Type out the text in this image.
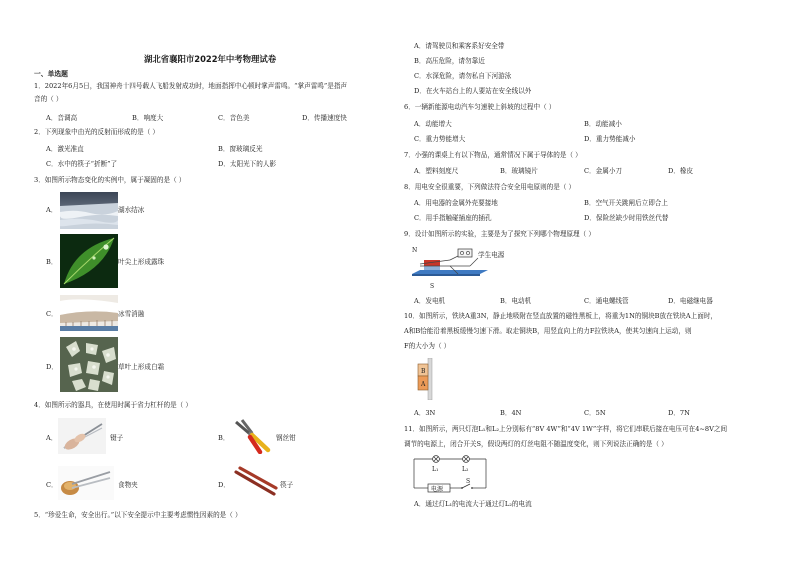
湖北省襄阳市2022年中考物理试卷
一、单选题
1．2022年6月5日，我国神舟十四号载人飞船发射成功时，地面指挥中心顿时掌声雷鸣。“掌声雷鸣”是指声
音的（ ）
A．音调高	B．响度大	C．音色美	D．传播速度快
2．下列现象中由光的反射而形成的是（ ）
A．激光准直	B．窗玻璃反光
C．水中的筷子“折断”了	D．太阳光下的人影
3．如图所示物态变化的实例中，属于凝固的是（ ）
A．	湖水结冰
B．	叶尖上形成露珠
C．	冰雪消融
D．	草叶上形成白霜
4．如图所示的器具，在使用时属于省力杠杆的是（ ）
A．	镊子	B．	钢丝钳
C．	食物夹	D．	筷子
5．“珍爱生命，安全出行。”以下安全提示中主要考虑惯性因素的是（ ）
A．请驾驶员和乘客系好安全带
B．高压危险，请勿靠近
C．水深危险，请勿私自下河游泳
D．在火车站台上的人要站在安全线以外
6．一辆新能源电动汽车匀速驶上斜坡的过程中（ ）
A．动能增大	B．动能减小
C．重力势能增大	D．重力势能减小
7．小强的课桌上有以下物品，通常情况下属于导体的是（ ）
A．塑料刻度尺	B．玻璃镜片	C．金属小刀	D．橡皮
8．用电安全很重要，下列做法符合安全用电原则的是（ ）
A．用电器的金属外壳要接地	B．空气开关跳闸后立即合上
C．用手指触碰插座的插孔	D．保险丝缺少时用铁丝代替
9．设计如图所示的实验，主要是为了探究下列哪个物理原理（ ）
N
S
学生电源
A．发电机	B．电动机	C．通电螺线管	D．电磁继电器
10．如图所示，铁块A重3N，静止地吸附在竖直放置的磁性黑板上，将重为1N的铜块B放在铁块A上面时，
A和B恰能沿着黑板缓慢匀速下滑。取走铜块B，用竖直向上的力F拉铁块A，使其匀速向上运动，则
F的大小为（ ）
B
A
A．3N	B．4N	C．5N	D．7N
11．如图所示，两只灯泡L₁和L₂上分别标有“8V 4W”和“4V 1W”字样，将它们串联后接在电压可在4~8V之间
调节的电源上，闭合开关S，假设两灯的灯丝电阻不随温度变化，则下列说法正确的是（ ）
L₁	L₂
S
电源
A．通过灯L₁的电流大于通过灯L₂的电流
